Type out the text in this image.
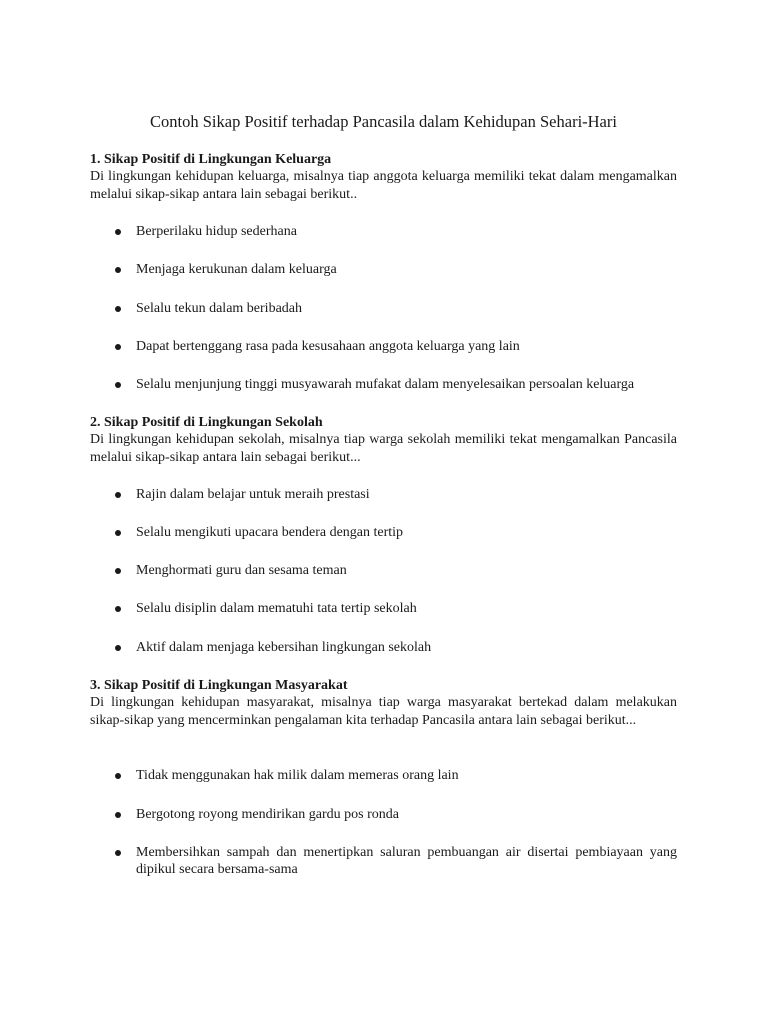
Contoh Sikap Positif terhadap Pancasila dalam Kehidupan Sehari-Hari

1. Sikap Positif di Lingkungan Keluarga

Di lingkungan kehidupan keluarga, misalnya tiap anggota keluarga memiliki tekat dalam mengamalkan melalui sikap-sikap antara lain sebagai berikut..

Berperilaku hidup sederhana
Menjaga kerukunan dalam keluarga
Selalu tekun dalam beribadah
Dapat bertenggang rasa pada kesusahaan anggota keluarga yang lain
Selalu menjunjung tinggi musyawarah mufakat dalam menyelesaikan persoalan keluarga

2. Sikap Positif di Lingkungan Sekolah

Di lingkungan kehidupan sekolah, misalnya tiap warga sekolah memiliki tekat mengamalkan Pancasila melalui sikap-sikap antara lain sebagai berikut...

Rajin dalam belajar untuk meraih prestasi
Selalu mengikuti upacara bendera dengan tertip
Menghormati guru dan sesama teman
Selalu disiplin dalam mematuhi tata tertip sekolah
Aktif dalam menjaga kebersihan lingkungan sekolah

3. Sikap Positif di Lingkungan Masyarakat

Di lingkungan kehidupan masyarakat, misalnya tiap warga masyarakat bertekad dalam melakukan sikap-sikap yang mencerminkan pengalaman kita terhadap Pancasila antara lain sebagai berikut...

Tidak menggunakan hak milik dalam memeras orang lain
Bergotong royong mendirikan gardu pos ronda
Membersihkan sampah dan menertipkan saluran pembuangan air disertai pembiayaan yang dipikul secara bersama-sama
